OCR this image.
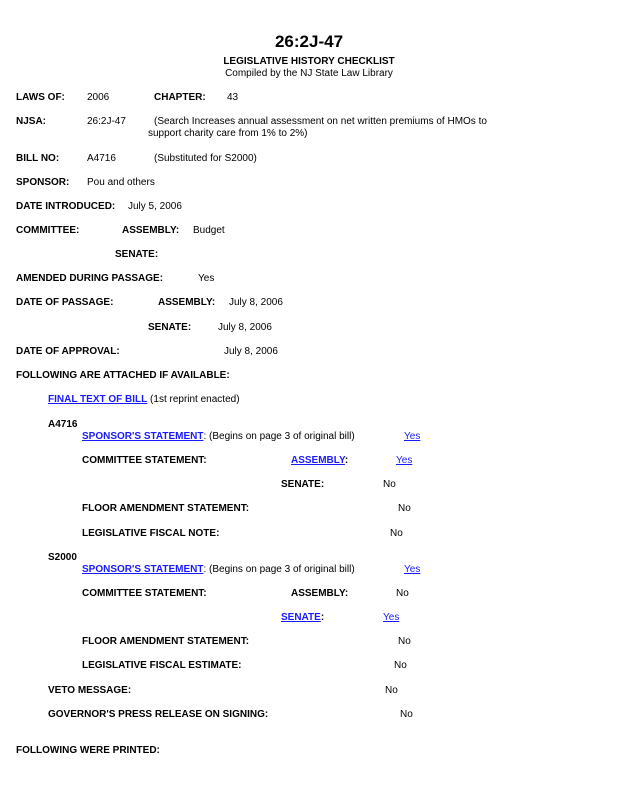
26:2J-47
LEGISLATIVE HISTORY CHECKLIST
Compiled by the NJ State Law Library
LAWS OF: 2006	CHAPTER: 43
NJSA:	26:2J-47	(Search Increases annual assessment on net written premiums of HMOs to
support charity care from 1% to 2%)
BILL NO:	A4716	(Substituted for S2000)
SPONSOR: Pou and others
DATE INTRODUCED: July 5, 2006
COMMITTEE:	ASSEMBLY: Budget
SENATE:
AMENDED DURING PASSAGE:	Yes
DATE OF PASSAGE:	ASSEMBLY: July 8, 2006
SENATE:	July 8, 2006
DATE OF APPROVAL:	July 8, 2006
FOLLOWING ARE ATTACHED IF AVAILABLE:
FINAL TEXT OF BILL (1st reprint enacted)
A4716
SPONSOR'S STATEMENT: (Begins on page 3 of original bill)	Yes
COMMITTEE STATEMENT:	ASSEMBLY:	Yes
SENATE:	No
FLOOR AMENDMENT STATEMENT:	No
LEGISLATIVE FISCAL NOTE:	No
S2000
SPONSOR'S STATEMENT: (Begins on page 3 of original bill)	Yes
COMMITTEE STATEMENT:	ASSEMBLY:	No
SENATE:	Yes
FLOOR AMENDMENT STATEMENT:	No
LEGISLATIVE FISCAL ESTIMATE:	No
VETO MESSAGE:	No
GOVERNOR'S PRESS RELEASE ON SIGNING:	No
FOLLOWING WERE PRINTED:
